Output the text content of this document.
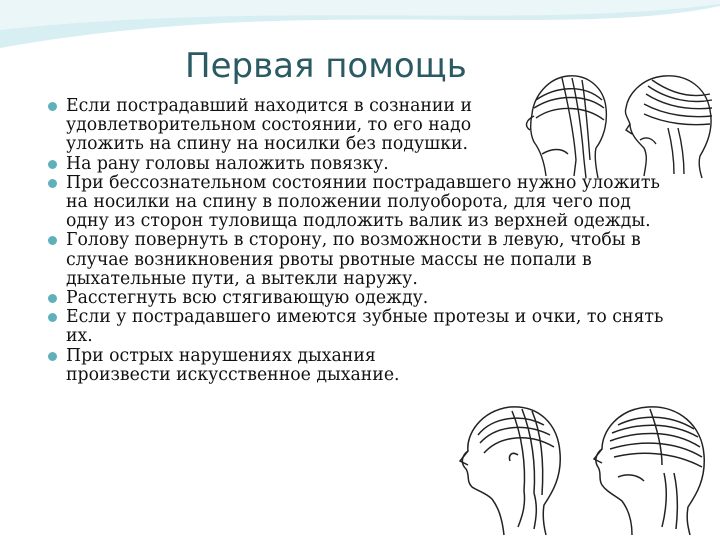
Первая помощь
Если пострадавший находится в сознании и удовлетворительном состоянии, то его надо уложить на спину на носилки без подушки.
На рану головы наложить повязку.
При бессознательном состоянии пострадавшего нужно уложить на носилки на спину в положении полуоборота, для чего под одну из сторон туловища подложить валик из верхней одежды.
Голову повернуть в сторону, по возможности в левую, чтобы в случае возникновения рвоты рвотные массы не попали в дыхательные пути, а вытекли наружу.
Расстегнуть всю стягивающую одежду.
Если у пострадавшего имеются зубные протезы и очки, то снять их.
При острых нарушениях дыхания произвести искусственное дыхание.
